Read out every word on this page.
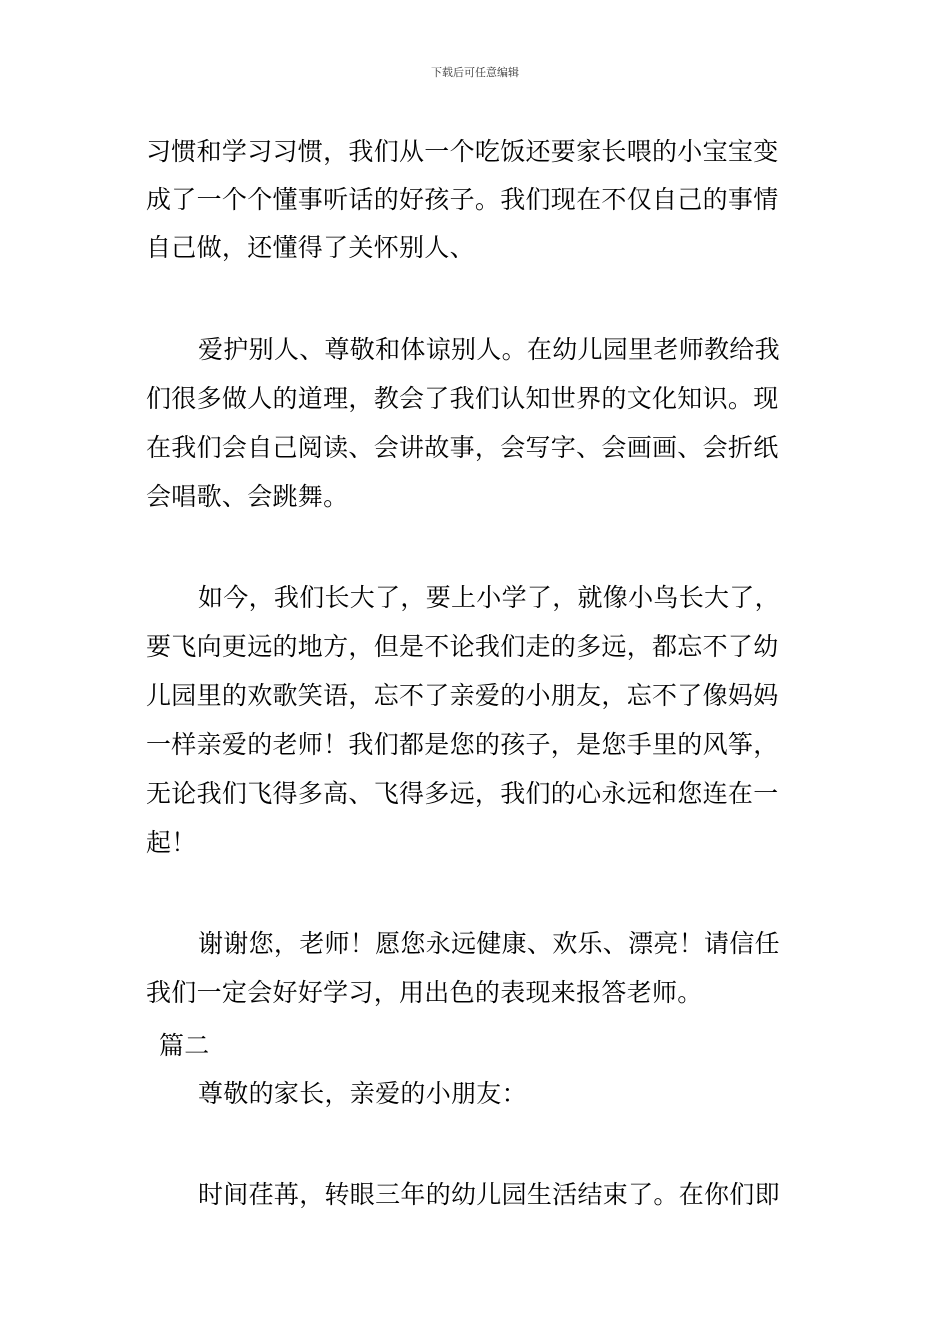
下载后可任意编辑
习惯和学习习惯，我们从一个吃饭还要家长喂的小宝宝变
成了一个个懂事听话的好孩子。我们现在不仅自己的事情
自己做，还懂得了关怀别人、
爱护别人、尊敬和体谅别人。在幼儿园里老师教给我
们很多做人的道理，教会了我们认知世界的文化知识。现
在我们会自己阅读、会讲故事，会写字、会画画、会折纸
会唱歌、会跳舞。
如今，我们长大了，要上小学了，就像小鸟长大了，
要飞向更远的地方，但是不论我们走的多远，都忘不了幼
儿园里的欢歌笑语，忘不了亲爱的小朋友，忘不了像妈妈
一样亲爱的老师！我们都是您的孩子，是您手里的风筝，
无论我们飞得多高、飞得多远，我们的心永远和您连在一
起！
谢谢您，老师！愿您永远健康、欢乐、漂亮！请信任
我们一定会好好学习，用出色的表现来报答老师。
篇二
尊敬的家长，亲爱的小朋友：
时间荏苒，转眼三年的幼儿园生活结束了。在你们即
